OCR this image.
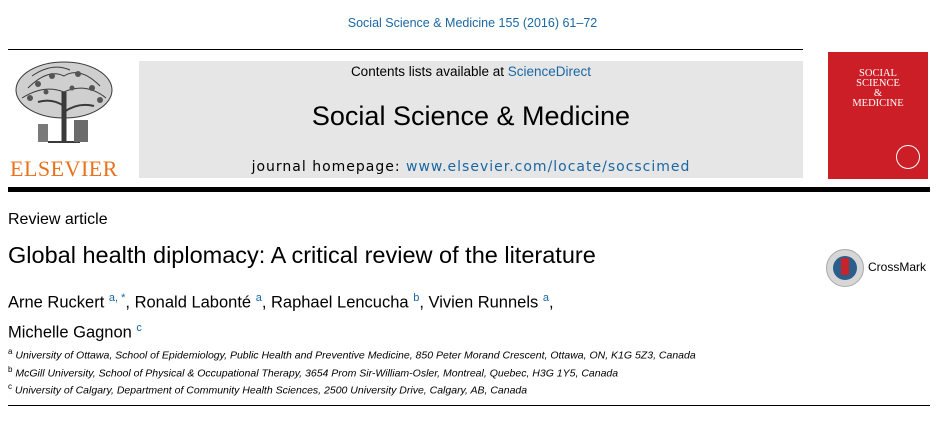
Social Science & Medicine 155 (2016) 61–72
ELSEVIER
Contents lists available at ScienceDirect
Social Science & Medicine
journal homepage: www.elsevier.com/locate/socscimed
SOCIAL
SCIENCE
&
MEDICINE
Review article
Global health diplomacy: A critical review of the literature	CrossMark
Arne Ruckert $^{a, *}$, Ronald Labonté $^a$, Raphael Lencucha $^b$, Vivien Runnels $^a$,
Michelle Gagnon $^c$
$^a$ University of Ottawa, School of Epidemiology, Public Health and Preventive Medicine, 850 Peter Morand Crescent, Ottawa, ON, K1G 5Z3, Canada
$^b$ McGill University, School of Physical & Occupational Therapy, 3654 Prom Sir-William-Osler, Montreal, Quebec, H3G 1Y5, Canada
$^c$ University of Calgary, Department of Community Health Sciences, 2500 University Drive, Calgary, AB, Canada
